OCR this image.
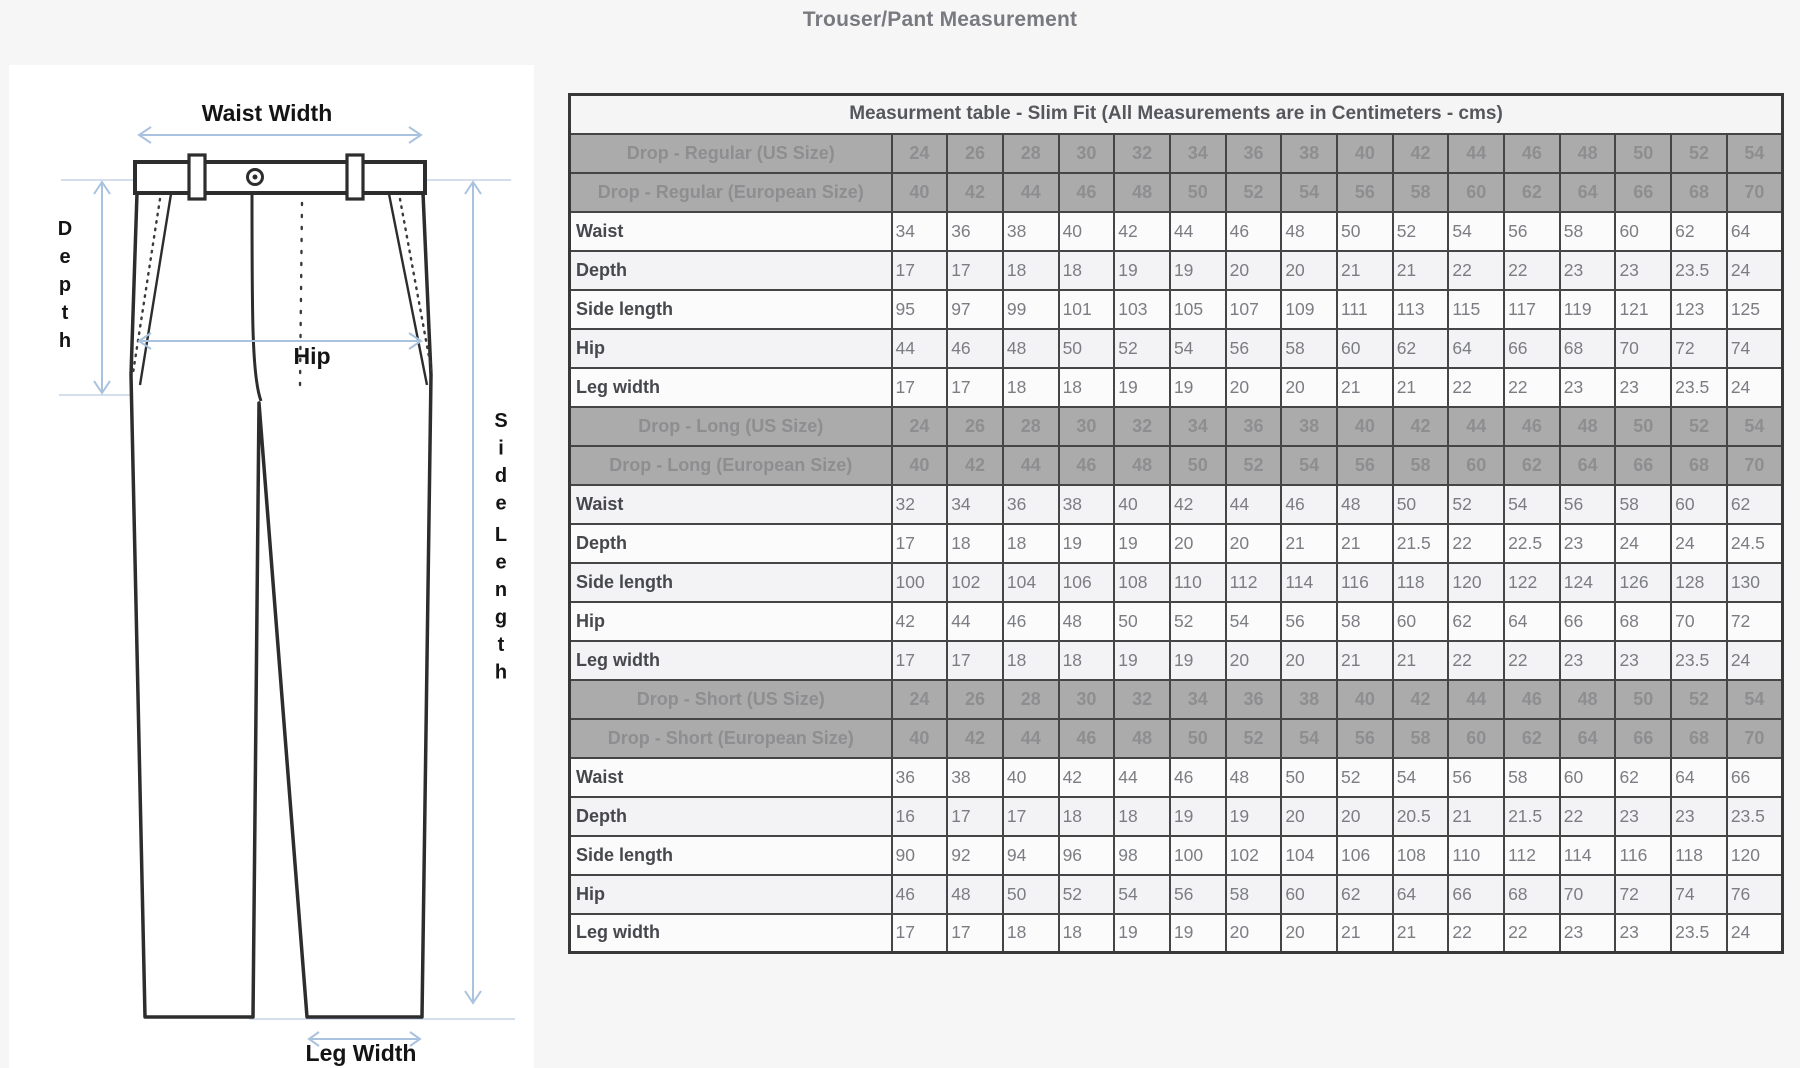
Trouser/Pant Measurement
Waist Width
Hip
Leg Width
D e p t h
S i d e L e n g t h
Measurment table - Slim Fit (All Measurements are in Centimeters - cms)																
Drop - Regular (US Size)	24	26	28	30	32	34	36	38	40	42	44	46	48	50	52	54
Drop - Regular (European Size)	40	42	44	46	48	50	52	54	56	58	60	62	64	66	68	70
Waist	34	36	38	40	42	44	46	48	50	52	54	56	58	60	62	64
Depth	17	17	18	18	19	19	20	20	21	21	22	22	23	23	23.5	24
Side length	95	97	99	101	103	105	107	109	111	113	115	117	119	121	123	125
Hip	44	46	48	50	52	54	56	58	60	62	64	66	68	70	72	74
Leg width	17	17	18	18	19	19	20	20	21	21	22	22	23	23	23.5	24
Drop - Long (US Size)	24	26	28	30	32	34	36	38	40	42	44	46	48	50	52	54
Drop - Long (European Size)	40	42	44	46	48	50	52	54	56	58	60	62	64	66	68	70
Waist	32	34	36	38	40	42	44	46	48	50	52	54	56	58	60	62
Depth	17	18	18	19	19	20	20	21	21	21.5	22	22.5	23	24	24	24.5
Side length	100	102	104	106	108	110	112	114	116	118	120	122	124	126	128	130
Hip	42	44	46	48	50	52	54	56	58	60	62	64	66	68	70	72
Leg width	17	17	18	18	19	19	20	20	21	21	22	22	23	23	23.5	24
Drop - Short (US Size)	24	26	28	30	32	34	36	38	40	42	44	46	48	50	52	54
Drop - Short (European Size)	40	42	44	46	48	50	52	54	56	58	60	62	64	66	68	70
Waist	36	38	40	42	44	46	48	50	52	54	56	58	60	62	64	66
Depth	16	17	17	18	18	19	19	20	20	20.5	21	21.5	22	23	23	23.5
Side length	90	92	94	96	98	100	102	104	106	108	110	112	114	116	118	120
Hip	46	48	50	52	54	56	58	60	62	64	66	68	70	72	74	76
Leg width	17	17	18	18	19	19	20	20	21	21	22	22	23	23	23.5	24
